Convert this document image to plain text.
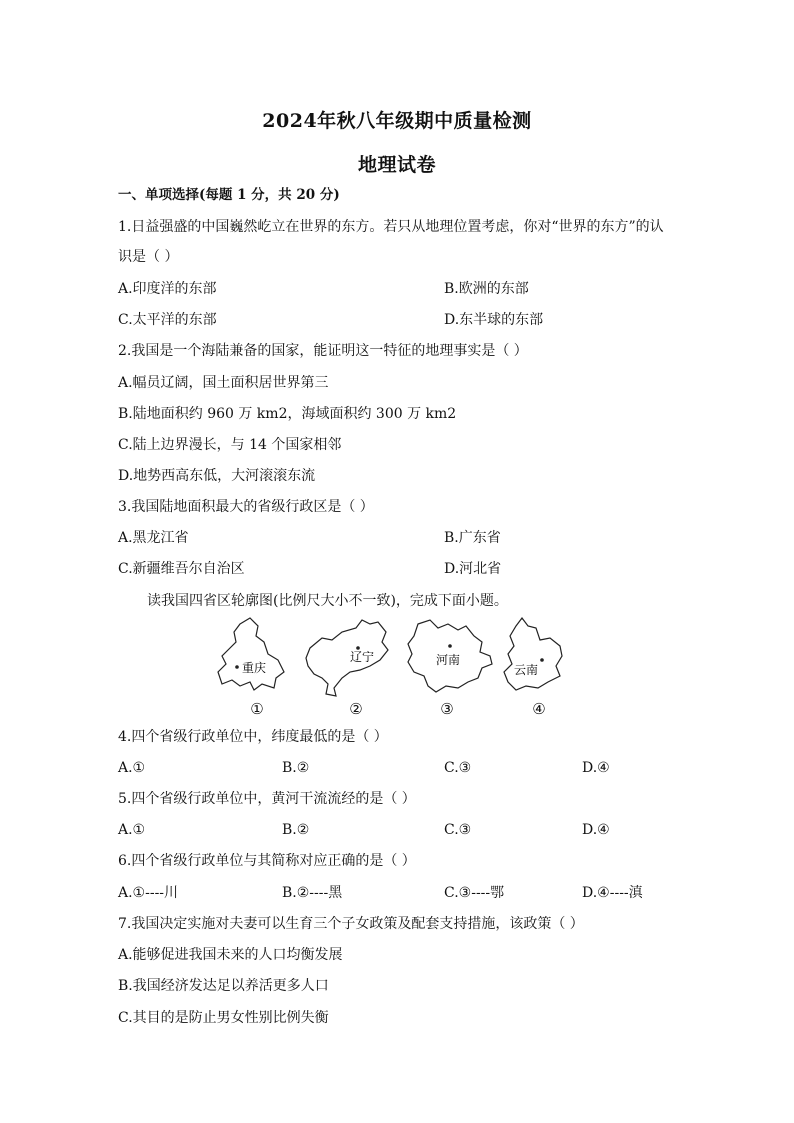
2024年秋八年级期中质量检测
地理试卷
一、单项选择(每题 1 分，共 20 分)
1.日益强盛的中国巍然屹立在世界的东方。若只从地理位置考虑，你对“世界的东方”的认
识是（ ）
A.印度洋的东部	B.欧洲的东部
C.太平洋的东部	D.东半球的东部
2.我国是一个海陆兼备的国家，能证明这一特征的地理事实是（ ）
A.幅员辽阔，国土面积居世界第三
B.陆地面积约 960 万 km2，海域面积约 300 万 km2
C.陆上边界漫长，与 14 个国家相邻
D.地势西高东低，大河滚滚东流
3.我国陆地面积最大的省级行政区是（ ）
A.黑龙江省	B.广东省
C.新疆维吾尔自治区	D.河北省
读我国四省区轮廓图(比例尺大小不一致)，完成下面小题。
重庆
辽宁	河南
云南
①	②	③	④
4.四个省级行政单位中，纬度最低的是（ ）
A.①	B.②	C.③	D.④
5.四个省级行政单位中，黄河干流流经的是（ ）
A.①	B.②	C.③	D.④
6.四个省级行政单位与其简称对应正确的是（ ）
A.①----川	B.②----黑	C.③----鄂	D.④----滇
7.我国决定实施对夫妻可以生育三个子女政策及配套支持措施，该政策（ ）
A.能够促进我国未来的人口均衡发展
B.我国经济发达足以养活更多人口
C.其目的是防止男女性别比例失衡
